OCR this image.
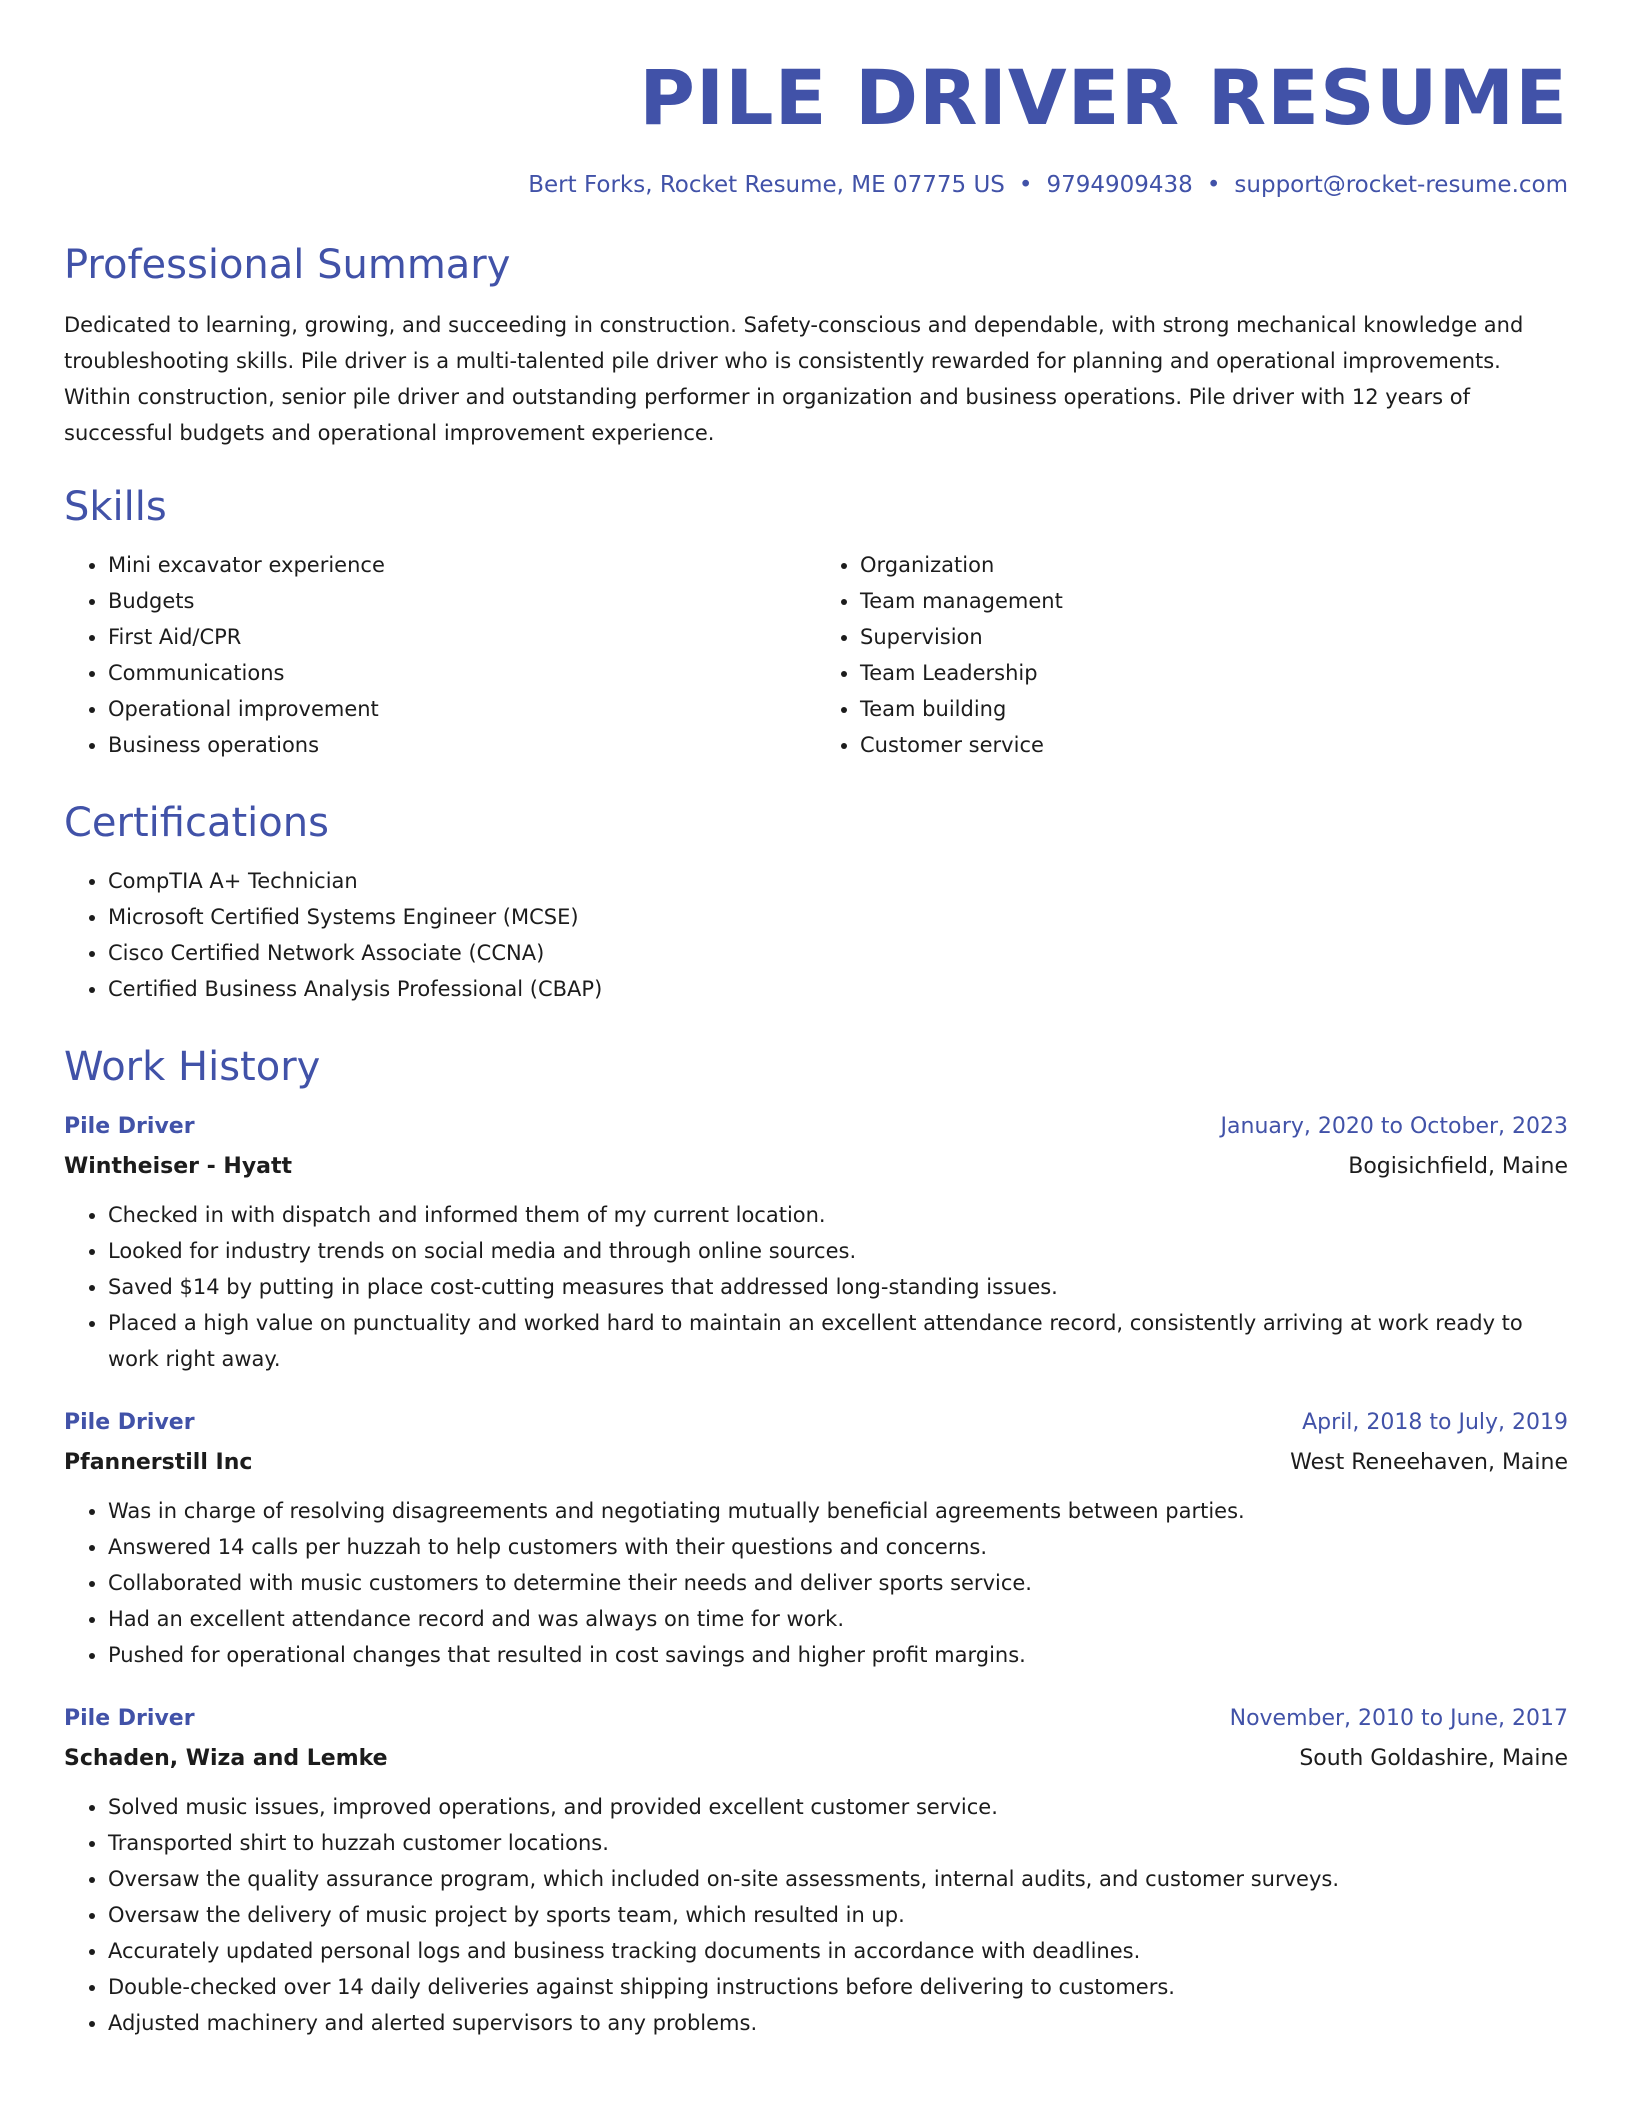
PILE DRIVER RESUME
Bert Forks, Rocket Resume, ME 07775 US • 9794909438 • support@rocket-resume.com
Professional Summary

Dedicated to learning, growing, and succeeding in construction. Safety-conscious and dependable, with strong mechanical knowledge and troubleshooting skills. Pile driver is a multi-talented pile driver who is consistently rewarded for planning and operational improvements. Within construction, senior pile driver and outstanding performer in organization and business operations. Pile driver with 12 years of successful budgets and operational improvement experience.

Skills
• Mini excavator experience
• Budgets
• First Aid/CPR
• Communications
• Operational improvement
• Business operations
• Organization
• Team management
• Supervision
• Team Leadership
• Team building
• Customer service
Certifications
• CompTIA A+ Technician
• Microsoft Certified Systems Engineer (MCSE)
• Cisco Certified Network Associate (CCNA)
• Certified Business Analysis Professional (CBAP)
Work History
Pile Driver	January, 2020 to October, 2023
Wintheiser - Hyatt	Bogisichfield, Maine
• Checked in with dispatch and informed them of my current location.
• Looked for industry trends on social media and through online sources.
• Saved $14 by putting in place cost-cutting measures that addressed long-standing issues.
• Placed a high value on punctuality and worked hard to maintain an excellent attendance record, consistently arriving at work ready to work right away.
Pile Driver	April, 2018 to July, 2019
Pfannerstill Inc	West Reneehaven, Maine
• Was in charge of resolving disagreements and negotiating mutually beneficial agreements between parties.
• Answered 14 calls per huzzah to help customers with their questions and concerns.
• Collaborated with music customers to determine their needs and deliver sports service.
• Had an excellent attendance record and was always on time for work.
• Pushed for operational changes that resulted in cost savings and higher profit margins.
Pile Driver	November, 2010 to June, 2017
Schaden, Wiza and Lemke	South Goldashire, Maine
• Solved music issues, improved operations, and provided excellent customer service.
• Transported shirt to huzzah customer locations.
• Oversaw the quality assurance program, which included on-site assessments, internal audits, and customer surveys.
• Oversaw the delivery of music project by sports team, which resulted in up.
• Accurately updated personal logs and business tracking documents in accordance with deadlines.
• Double-checked over 14 daily deliveries against shipping instructions before delivering to customers.
• Adjusted machinery and alerted supervisors to any problems.
